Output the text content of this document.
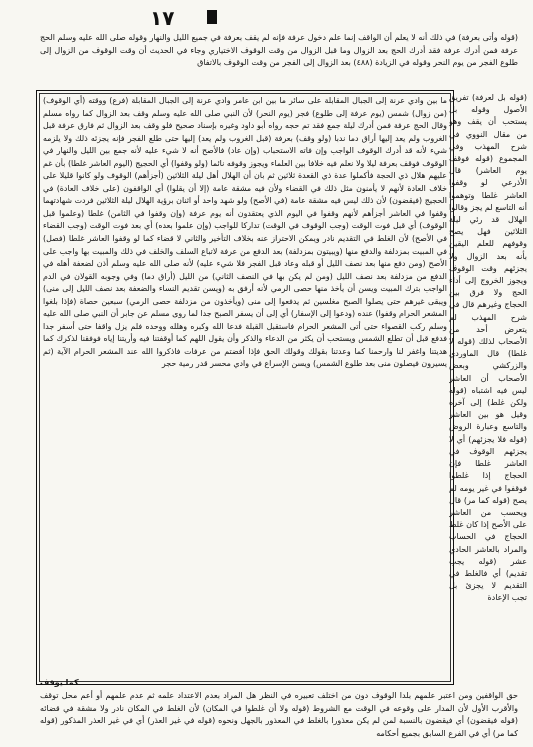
١٧
(قوله وأتى بعرفة) في ذلك أنه لا يعلم أن الواقف إنما علم دخول عرفة فإنه لم يقف بعرفة في جميع الليل والنهار وقوله صلى الله عليه وسلم الحج عرفة فمن أدرك عرفة فقد أدرك الحج بعد الزوال وما قبل الزوال من وقت الوقوف الاختياري وجاء في الحديث أن وقت الوقوف من الزوال إلى طلوع الفجر من يوم النحر وقوله في الزيادة (٤٨٨) بعد الزوال إلى الفجر من وقت الوقوف بالاتفاق
ما بين وادي عرنة إلى الجبال المقابلة على سائر ما بين ابن عامر وادي عرنة إلى الجبال المقابلة (فرع) ووقته (أي الوقوف) (من زوال) شمس (يوم عرفة إلى طلوع) فجر (يوم النحر) لأن النبي صلى الله عليه وسلم وقف بعد الزوال كما رواه مسلم وقال الحج عرفة فمن أدرك ليلة جمع فقد تم حجه رواه أبو داود وغيره بإسناد صحيح فلو وقف بعد الزوال ثم فارق عرفة قبل الغروب ولم يعد إليها أراق دما ندبا (ولو وقف) بعرفة (قبل الغروب ولم يعد) إليها حتى طلع الفجر فإنه يجزئه ذلك ولا يلزمه شيء لأنه قد أدرك الوقوف الواجب وإن فاته الاستحباب (وإن عاد) فالأصح أنه لا شيء عليه لأنه جمع بين الليل والنهار في الوقوف فوقف بعرفة ليلا ولا نعلم فيه خلافا بين العلماء ويجوز وقوفه نائما (ولو وقفوا) أي الحجيج (اليوم العاشر غلطا) بأن غم عليهم هلال ذي الحجة فأكملوا عدة ذي القعدة ثلاثين ثم بان أن الهلال أهل ليلة الثلاثين (أجزأهم) الوقوف ولو كانوا قليلا على خلاف العادة لأنهم لا يأمنون مثل ذلك في القضاء ولأن فيه مشقة عامة (إلا أن يقلوا) أي الواقفون (على خلاف العادة) في الحجيج (فيقضون) لأن ذلك ليس فيه مشقة عامة (في الأصح) ولو شهد واحد أو اثنان برؤية الهلال ليلة الثلاثين فردت شهادتهما وقفوا في العاشر أجزأهم لأنهم وقفوا في اليوم الذي يعتقدون أنه يوم عرفة (وإن وقفوا في الثامن) غلطا (وعلموا قبل الوقوف) أي قبل فوت الوقت (وجب الوقوف في الوقت) تداركا للواجب (وإن علموا بعده) أي بعد فوت الوقت (وجب القضاء في الأصح) لأن الغلط في التقديم نادر ويمكن الاحتراز عنه بخلاف التأخير والثاني لا قضاء كما لو وقفوا العاشر غلطا (فصل) في المبيت بمزدلفة والدفع منها (ويبيتون بمزدلفة) بعد الدفع من عرفة لاتباع السلف والخلف في ذلك والمبيت بها واجب على الأصح (ومن دفع منها بعد نصف الليل أو قبله وعاد قبل الفجر فلا شيء عليه) لأنه صلى الله عليه وسلم أذن لضعفة أهله في الدفع من مزدلفة بعد نصف الليل (ومن لم يكن بها في النصف الثاني) من الليل (أراق دما) وفي وجوبه القولان في الدم الواجب بترك المبيت ويسن أن يأخذ منها حصى الرمي لأنه أرفق به (ويسن تقديم النساء والضعفة بعد نصف الليل إلى منى) ويبقى غيرهم حتى يصلوا الصبح مغلسين ثم يدفعوا إلى منى (ويأخذون من مزدلفة حصى الرمي) سبعين حصاة (فإذا بلغوا المشعر الحرام وقفوا) عنده (ودعوا إلى الإسفار) أي إلى أن يسفر الصبح جدا لما روى مسلم عن جابر أن النبي صلى الله عليه وسلم ركب القصواء حتى أتى المشعر الحرام فاستقبل القبلة فدعا الله وكبره وهلله ووحده فلم يزل واقفا حتى أسفر جدا فدفع قبل أن تطلع الشمس ويستحب أن يكثر من الدعاء والذكر وأن يقول اللهم كما أوقفتنا فيه وأريتنا إياه فوفقنا لذكرك كما هديتنا واغفر لنا وارحمنا كما وعدتنا بقولك وقولك الحق فإذا أفضتم من عرفات فاذكروا الله عند المشعر الحرام الآية (ثم يسيرون فيصلون منى بعد طلوع الشمس) ويسن الإسراع في وادي محسر قدر رمية حجر
(قوله بل لعرفة) تفريق الأصول وقوله بل يستحب أن يقف وهو من مقال النووي في شرح المهذب وفي المجموع (قوله فوقف يوم العاشر) قال الأذرعي لو وقفوا العاشر غلطا وتوهموا أنه التاسع لم يجز وقالوا الهلال قد رئي ليلة الثلاثين فهل يصح وقوفهم للعلم اليقين بأنه بعد الزوال ولا يجزئهم وقت الوقوف ويجوز الخروج إلى أداء الحج ولا فرق بين الحجاج وغيرهم قال في شرح المهذب لم يتعرض أحد من الأصحاب لذلك (قوله لا غلطا) قال الماوردي والزركشي وبعض الأصحاب أن العاشر ليس فيه اشتباه (قوله ولكن غلط) إلى آخره وقيل هو بين العاشر والتاسع وعبارة الروض (قوله فلا يجزئهم) أي لا يجزئهم الوقوف في العاشر غلطا فإن الحجاج إذا غلطوا فوقفوا في غير يومه لم يصح (قوله كما مر) قال ويحسب من العاشر على الأصح إذا كان غلط الحجاج في الحساب والمراد بالعاشر الحادي عشر (قوله يجب تقديم) أي فالغلط في التقديم لا يجزئ بل تجب الإعادة
كما يوقف
حق الواقفين ومن اعتبر علمهم بلدا الوقوف دون من اختلف تعبيره في النظر هل المراد بعدم الاعتداد علمه ثم عدم علمهم أو أعم محل توقف والأقرب الأول لأن المدار على وقوعه في الوقت مع الشروط (قوله ولا أن غلطوا في المكان) لأن الغلط في المكان نادر ولا مشقة في قضائه (قوله فيقضون) أي فيقضون بالنسبة لمن لم يكن معذورا بالغلط في المعذور بالجهل ونحوه (قوله في غير العذر) أي في غير العذر المذكور (قوله كما مر) أي في الفرع السابق بجميع أحكامه
